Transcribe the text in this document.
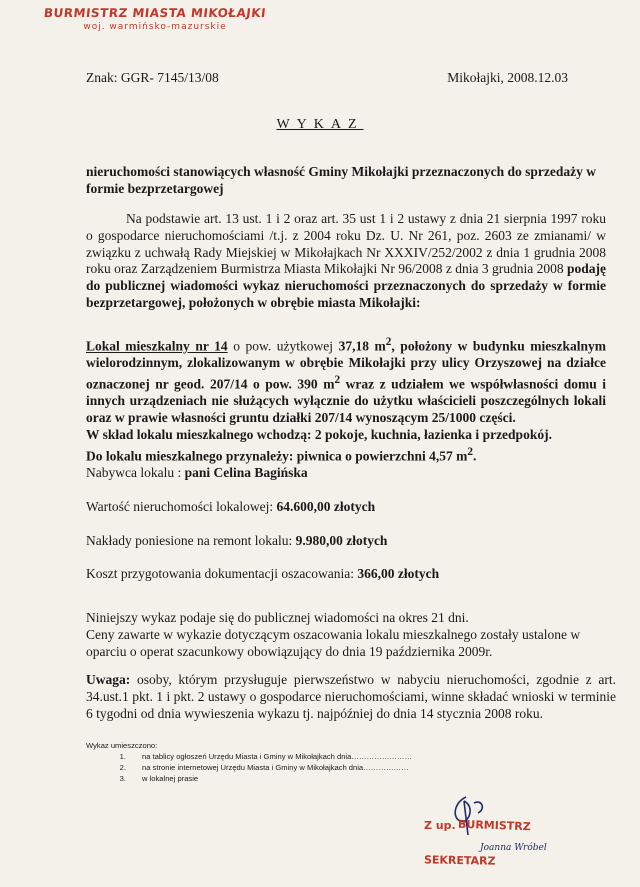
BURMISTRZ MIASTA MIKOŁAJKI
woj. warmińsko-mazurskie
Znak: GGR- 7145/13/08	Mikołajki, 2008.12.03
WYKAZ
nieruchomości stanowiących własność Gminy Mikołajki przeznaczonych do sprzedaży w formie bezprzetargowej
Na podstawie art. 13 ust. 1 i 2 oraz art. 35 ust 1 i 2 ustawy z dnia 21 sierpnia 1997 roku o gospodarce nieruchomościami /t.j. z 2004 roku Dz. U. Nr 261, poz. 2603 ze zmianami/ w związku z uchwałą Rady Miejskiej w Mikołajkach Nr XXXIV/252/2002 z dnia 1 grudnia 2008 roku oraz Zarządzeniem Burmistrza Miasta Mikołajki Nr 96/2008 z dnia 3 grudnia 2008 podaję do publicznej wiadomości wykaz nieruchomości przeznaczonych do sprzedaży w formie bezprzetargowej, położonych w obrębie miasta Mikołajki:
Lokal mieszkalny nr 14 o pow. użytkowej 37,18 $m^2$, położony w budynku mieszkalnym wielorodzinnym, zlokalizowanym w obrębie Mikołajki przy ulicy Orzyszowej na działce oznaczonej nr geod. 207/14 o pow. 390 $m^2$ wraz z udziałem we współwłasności domu i innych urządzeniach nie służących wyłącznie do użytku właścicieli poszczególnych lokali oraz w prawie własności gruntu działki 207/14 wynoszącym 25/1000 części.
W skład lokalu mieszkalnego wchodzą: 2 pokoje, kuchnia, łazienka i przedpokój.
Do lokalu mieszkalnego przynależy: piwnica o powierzchni 4,57 $m^2$.
Nabywca lokalu : pani Celina Bagińska
Wartość nieruchomości lokalowej: 64.600,00 złotych
Nakłady poniesione na remont lokalu: 9.980,00 złotych
Koszt przygotowania dokumentacji oszacowania: 366,00 złotych
Niniejszy wykaz podaje się do publicznej wiadomości na okres 21 dni.
Ceny zawarte w wykazie dotyczącym oszacowania lokalu mieszkalnego zostały ustalone w oparciu o operat szacunkowy obowiązujący do dnia 19 października 2009r.
Uwaga: osoby, którym przysługuje pierwszeństwo w nabyciu nieruchomości, zgodnie z art. 34.ust.1 pkt. 1 i pkt. 2 ustawy o gospodarce nieruchomościami, winne składać wnioski w terminie 6 tygodni od dnia wywieszenia wykazu tj. najpóźniej do dnia 14 stycznia 2008 roku.
Wykaz umieszczono:
1.	na tablicy ogłoszeń Urzędu Miasta i Gminy w Mikołajkach dnia……………………
2.	na stronie internetowej Urzędu Miasta i Gminy w Mikołajkach dnia………………
3.	w lokalnej prasie
Z up. BURMISTRZ
Joanna Wróbel
SEKRETARZ
